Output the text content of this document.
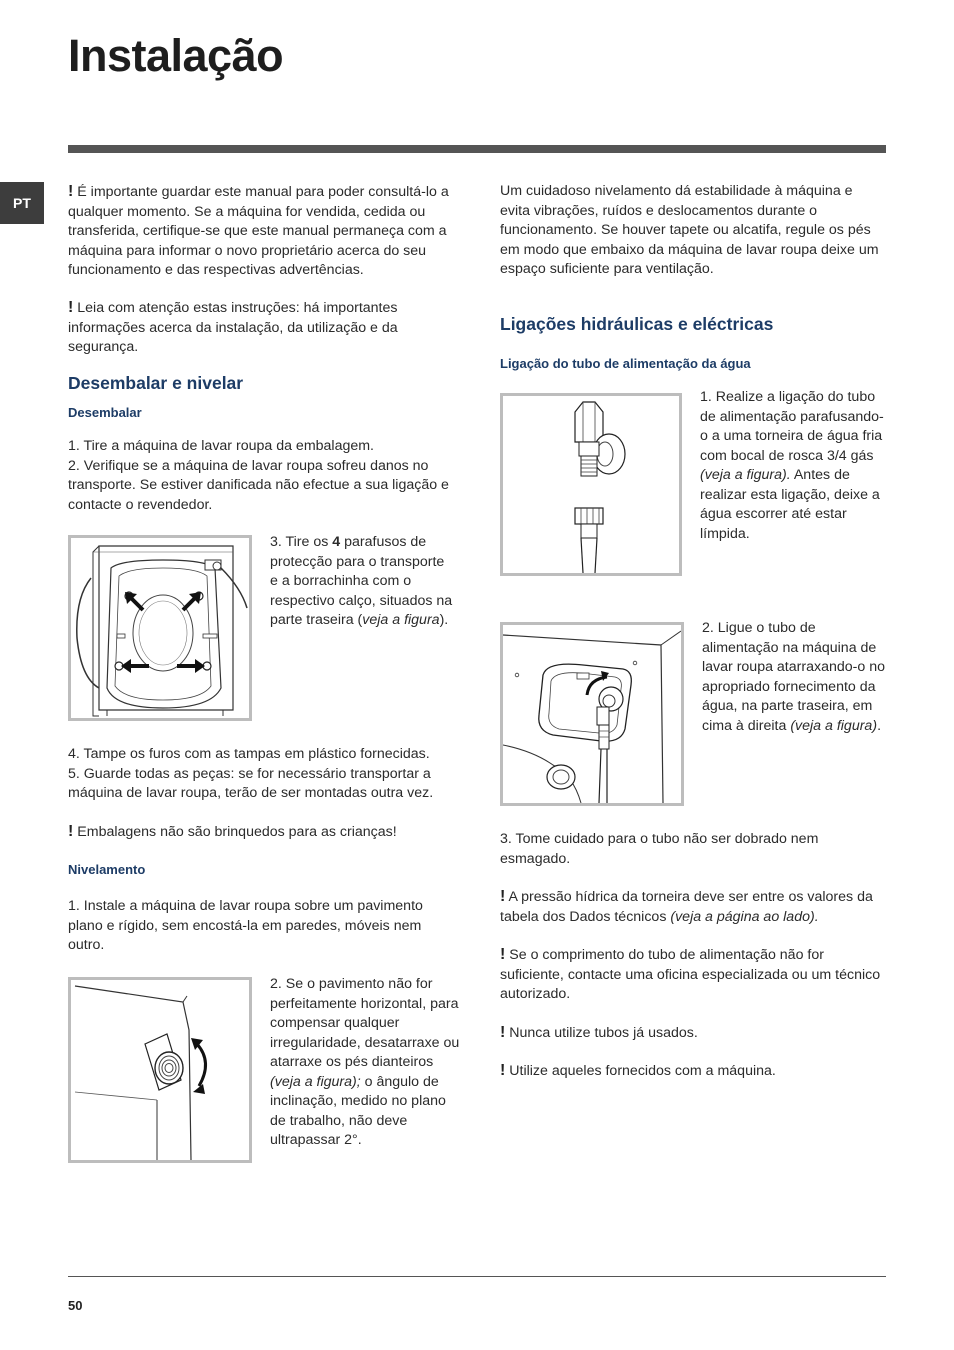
Instalação
PT

! É importante guardar este manual para poder consultá-lo a qualquer momento. Se a máquina for vendida, cedida ou transferida, certifique-se que este manual permaneça com a máquina para informar o novo proprietário acerca do seu funcionamento e das respectivas advertências.

! Leia com atenção estas instruções: há importantes informações acerca da instalação, da utilização e da segurança.

Desembalar e nivelar
Desembalar

1. Tire a máquina de lavar roupa da embalagem.

2. Verifique se a máquina de lavar roupa sofreu danos no transporte. Se estiver danificada não efectue a sua ligação e contacte o revendedor.

3. Tire os 4 parafusos de protecção para o transporte e a borrachinha com o respectivo calço, situados na parte traseira (veja a figura).

4. Tampe os furos com as tampas em plástico fornecidas.

5. Guarde todas as peças: se for necessário transportar a máquina de lavar roupa, terão de ser montadas outra vez.

! Embalagens não são brinquedos para as crianças!

Nivelamento

1. Instale a máquina de lavar roupa sobre um pavimento plano e rígido, sem encostá-la em paredes, móveis nem outro.

2. Se o pavimento não for perfeitamente horizontal, para compensar qualquer irregularidade, desatarraxe ou atarraxe os pés dianteiros (veja a figura); o ângulo de inclinação, medido no plano de trabalho, não deve ultrapassar 2°.

Um cuidadoso nivelamento dá estabilidade à máquina e evita vibrações, ruídos e deslocamentos durante o funcionamento. Se houver tapete ou alcatifa, regule os pés em modo que embaixo da máquina de lavar roupa deixe um espaço suficiente para ventilação.

Ligações hidráulicas e eléctricas
Ligação do tubo de alimentação da água

1. Realize a ligação do tubo de alimentação parafusando-o a uma torneira de água fria com bocal de rosca 3/4 gás (veja a figura). Antes de realizar esta ligação, deixe a água escorrer até estar límpida.

2. Ligue o tubo de alimentação na máquina de lavar roupa atarraxando-o no apropriado fornecimento da água, na parte traseira, em cima à direita (veja a figura).

3. Tome cuidado para o tubo não ser dobrado nem esmagado.

! A pressão hídrica da torneira deve ser entre os valores da tabela dos Dados técnicos (veja a página ao lado).

! Se o comprimento do tubo de alimentação não for suficiente, contacte uma oficina especializada ou um técnico autorizado.

! Nunca utilize tubos já usados.

! Utilize aqueles fornecidos com a máquina.

50
